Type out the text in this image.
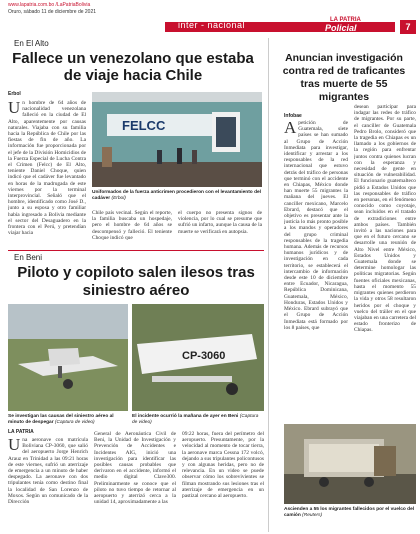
www.lapatria.com.bo /LaPatriaBolivia
Oruro, sábado 11 de diciembre de 2021
inter - nacional	LA PATRIA
Policial	7
En El Alto
Fallece un venezolano que estaba de viaje hacia Chile
Erbol
Un hombre de 64 años de nacionalidad venezolana falleció en la ciudad de El Alto, aparentemente por causas naturales. Viajaba con su familia hacia la República de Chile por las fiestas de fin de año. La información fue proporcionada por el jefe de la División Homicidios de la Fuerza Especial de Lucha Contra el Crimen (Felcc) de El Alto, teniente Daniel Choque, quien indicó que el cadáver fue levantado en horas de la madrugada de este viernes por la terminal interprovincial. Señaló que el hombre, identificado como José D., junto a su esposa y otro familiar había ingresado a Bolivia mediante el sector del Desaguadero en la frontera con el Perú, y pretendían viajar hacia
FELCC
Uniformados de la fuerza anticrimen procedieron con el levantamiento del cadáver (Erbol)
Chile país vecinal. Según el reporte, la familia buscaba un hospedaje, pero el hombre de 64 años se descompensó y falleció. El teniente Choque indicó que
el cuerpo no presenta signos de violencia, por lo cual se presume que sufrió un infarto, aunque la causa de la muerte se verificará en autopsia.
En Beni
Piloto y copiloto salen ilesos tras siniestro aéreo
CP-3060
Se investigan las causas del siniestro aéreo al minuto de despegar (Captura de video)
El incidente ocurrió la mañana de ayer en Beni (Captura de video)
LA PATRIA
Una aeronave con matrícula Boliviana CP-3060, que salió del aeropuerto Jorge Henrich Arauz en Trinidad a las 09:21 horas de este viernes, sufrió un aterrizaje de emergencia a un minuto de haber despegado. La aeronave con dos tripulantes tenía como destino final la localidad de San Lorenzo de Moxos. Según un comunicado de la Dirección
General de Aeronáutica Civil de Beni, la Unidad de Investigación y Prevención de Accidentes e Incidentes AIG, inició una investigación para identificar las posibles causas probables que derivaron en el accidente, informó el medio digital Clave300. Preliminarmente se conoce que el piloto no tuvo tiempo de retornar al aeropuerto y aterrizó cerca a la unidad 14, aproximadamente a las
09:22 horas, fuera del perímetro del aeropuerto. Presuntamente, por la velocidad al momento de tocar tierra, la aeronave marca Cessna 172 volcó, dejando a sus tripulantes policontusos y con algunas heridas, pero no de relevancia. En un video se puede observar cómo los sobrevivientes se filman mostrando sus lesiones tras el aterrizaje de emergencia en un pastizal cercano al aeropuerto.
Anuncian investigación contra red de traficantes tras muerte de 55 migrantes
Infobae
A petición de Guatemala, siete países se han sumado al Grupo de Acción Inmediata para investigar, identificar y arrestar a los responsables de la red internacional que estuvo detrás del tráfico de personas que terminó con el accidente en Chiapas, México donde han muerte 55 migrantes la mañana del jueves. El canciller mexicano, Marcelo Ebrard, destacó que el objetivo es presentar ante la justicia lo más pronto posible a los mandos y operadores del grupo criminal responsables de la tragedia humana. Además de recursos humanos jurídicos y de investigación en cada territorio, se establecerá el intercambio de información desde este 10 de diciembre entre Ecuador, Nicaragua, República Dominicana, Guatemala, México, Honduras, Estados Unidos y México. Ebrard subrayó que el Grupo de Acción Inmediata está formado por los 8 países, que
desean participar para indagar las redes de tráfico de migrantes. Por su parte, el canciller de Guatemala Pedro Brolo, consideró que la tragedia en Chiapas es un llamado a los gobiernos de la región para enfrentar juntos contra quienes lucran con la esperanza y necesidad de gente en situación de vulnerabilidad. El funcionario guatemalteco pidió a Estados Unidos que las responsables de tráfico en personas, en el fenómeno conocido como coyotaje, sean incluidos en el tratado de extradiciones entre ambos países. También invitó a las naciones para que en el futuro cercano se desarrolle una reunión de Alto Nivel entre México, Estados Unidos y Guatemala donde se determine homologar las políticas migratorias. Según fuentes oficiales mexicanas, hasta el momento 55 migrantes quienes perdieron la vida y otros 58 resultaron heridos por el choque y vuelco del tráiler en el que viajaban en una carretera del estado fronterizo de Chiapas.
Ascienden a 55 los migrantes fallecidos por el vuelco del camión (Reuters)
